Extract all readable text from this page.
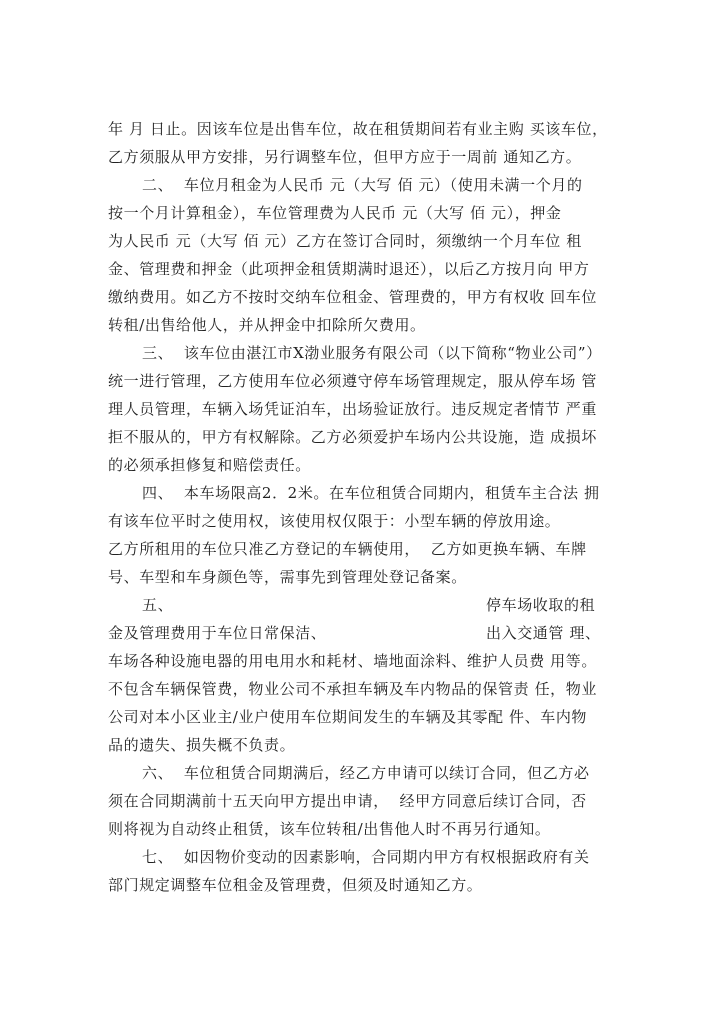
年 月 日止。因该车位是出售车位，故在租赁期间若有业主购 买该车位，
乙方须服从甲方安排，另行调整车位，但甲方应于一周前 通知乙方。
二、  车位月租金为人民币 元（大写 佰 元）（使用未满一个月的
按一个月计算租金），车位管理费为人民币 元（大写 佰 元），押金
为人民币 元（大写 佰 元）乙方在签订合同时，须缴纳一个月车位 租
金、管理费和押金（此项押金租赁期满时退还），以后乙方按月向 甲方
缴纳费用。如乙方不按时交纳车位租金、管理费的，甲方有权收 回车位
转租/出售给他人，并从押金中扣除所欠费用。
三、  该车位由湛江市X渤业服务有限公司（以下简称“物业公司”）
统一进行管理，乙方使用车位必须遵守停车场管理规定，服从停车场 管
理人员管理，车辆入场凭证泊车，出场验证放行。违反规定者情节 严重
拒不服从的，甲方有权解除。乙方必须爱护车场内公共设施，造 成损坏
的必须承担修复和赔偿责任。
四、  本车场限高2．2米。在车位租赁合同期内，租赁车主合法 拥
有该车位平时之使用权，该使用权仅限于：小型车辆的停放用途。
乙方所租用的车位只准乙方登记的车辆使用，  乙方如更换车辆、车牌
号、车型和车身颜色等，需事先到管理处登记备案。
五、	停车场收取的租
金及管理费用于车位日常保洁、	出入交通管 理、
车场各种设施电器的用电用水和耗材、墙地面涂料、维护人员费 用等。
不包含车辆保管费，物业公司不承担车辆及车内物品的保管责 任，物业
公司对本小区业主/业户使用车位期间发生的车辆及其零配 件、车内物
品的遗失、损失概不负责。
六、  车位租赁合同期满后，经乙方申请可以续订合同，但乙方必
须在合同期满前十五天向甲方提出申请，  经甲方同意后续订合同，否
则将视为自动终止租赁，该车位转租/出售他人时不再另行通知。
七、  如因物价变动的因素影响，合同期内甲方有权根据政府有关
部门规定调整车位租金及管理费，但须及时通知乙方。
